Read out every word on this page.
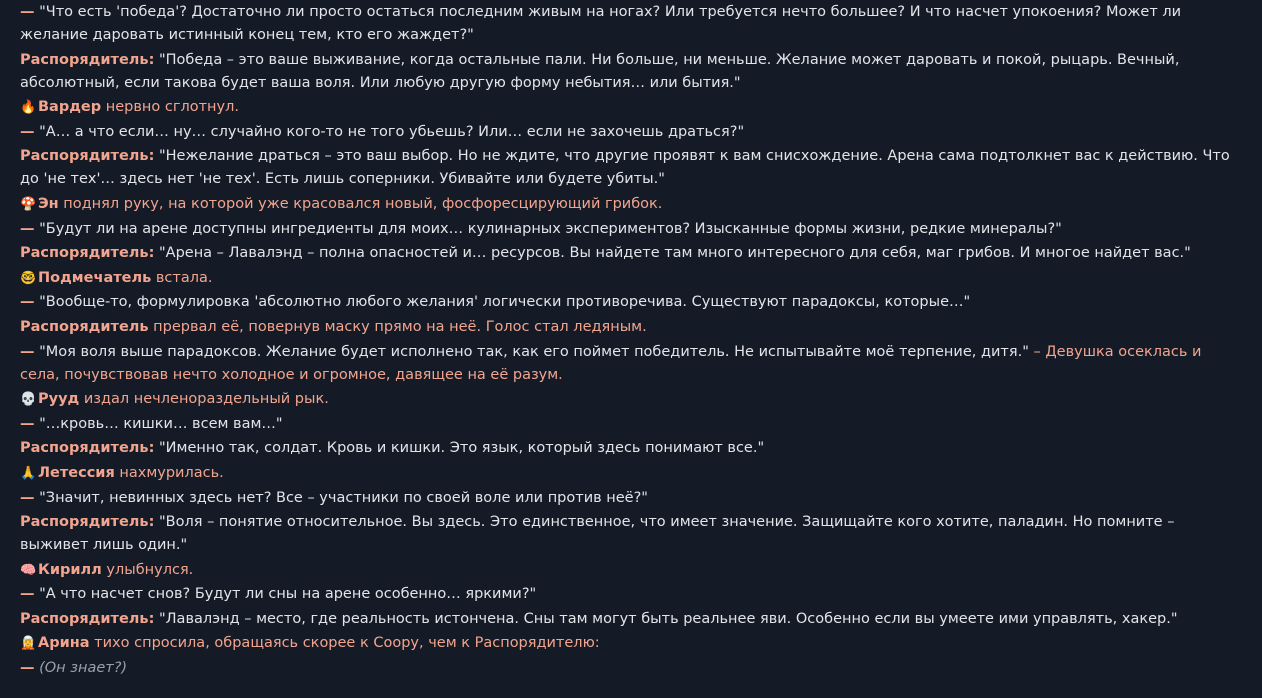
— "Что есть 'победа'? Достаточно ли просто остаться последним живым на ногах? Или требуется нечто большее? И что насчет упокоения? Может ли желание даровать истинный конец тем, кто его жаждет?"
Распорядитель: "Победа – это ваше выживание, когда остальные пали. Ни больше, ни меньше. Желание может даровать и покой, рыцарь. Вечный, абсолютный, если такова будет ваша воля. Или любую другую форму небытия… или бытия."
🔥 Вардер нервно сглотнул.
— "А… а что если… ну… случайно кого-то не того убьешь? Или… если не захочешь драться?"
Распорядитель: "Нежелание драться – это ваш выбор. Но не ждите, что другие проявят к вам снисхождение. Арена сама подтолкнет вас к действию. Что до 'не тех'… здесь нет 'не тех'. Есть лишь соперники. Убивайте или будете убиты."
🍄 Эн поднял руку, на которой уже красовался новый, фосфоресцирующий грибок.
— "Будут ли на арене доступны ингредиенты для моих… кулинарных экспериментов? Изысканные формы жизни, редкие минералы?"
Распорядитель: "Арена – Лавалэнд – полна опасностей и… ресурсов. Вы найдете там много интересного для себя, маг грибов. И многое найдет вас."
🤓 Подмечатель встала.
— "Вообще-то, формулировка 'абсолютно любого желания' логически противоречива. Существуют парадоксы, которые…"
Распорядитель прервал её, повернув маску прямо на неё. Голос стал ледяным.
— "Моя воля выше парадоксов. Желание будет исполнено так, как его поймет победитель. Не испытывайте моё терпение, дитя." – Девушка осеклась и села, почувствовав нечто холодное и огромное, давящее на её разум.
💀 Рууд издал нечленораздельный рык.
— "…кровь… кишки… всем вам…"
Распорядитель: "Именно так, солдат. Кровь и кишки. Это язык, который здесь понимают все."
🙏 Летессия нахмурилась.
— "Значит, невинных здесь нет? Все – участники по своей воле или против неё?"
Распорядитель: "Воля – понятие относительное. Вы здесь. Это единственное, что имеет значение. Защищайте кого хотите, паладин. Но помните – выживет лишь один."
🧠 Кирилл улыбнулся.
— "А что насчет снов? Будут ли сны на арене особенно… яркими?"
Распорядитель: "Лавалэнд – место, где реальность истончена. Сны там могут быть реальнее яви. Особенно если вы умеете ими управлять, хакер."
🧝 Арина тихо спросила, обращаясь скорее к Соору, чем к Распорядителю:
— (Он знает?)
